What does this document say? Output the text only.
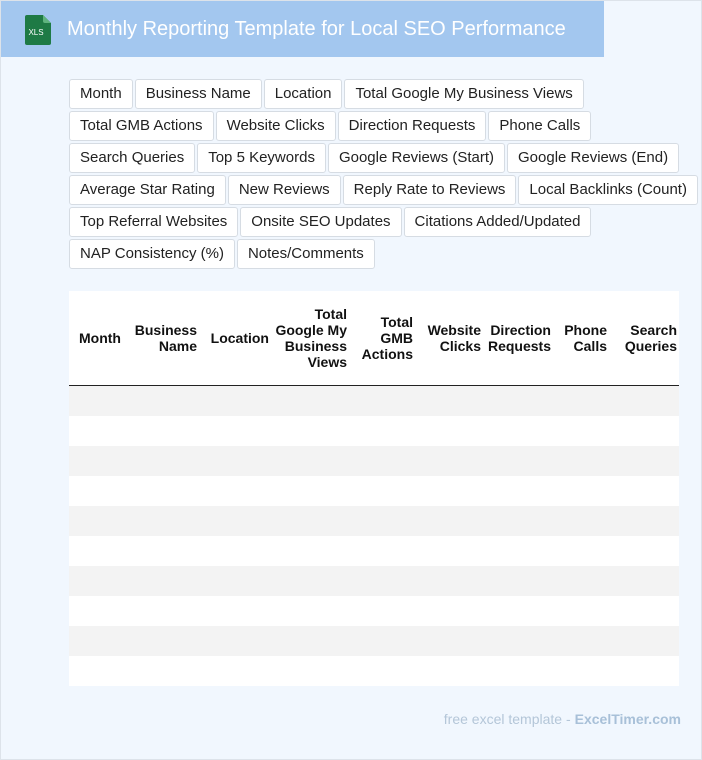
XLS Monthly Reporting Template for Local SEO Performance
Month	Business Name	Location	Total Google My Business Views
Total GMB Actions	Website Clicks	Direction Requests	Phone Calls
Search Queries	Top 5 Keywords	Google Reviews (Start)	Google Reviews (End)
Average Star Rating	New Reviews	Reply Rate to Reviews	Local Backlinks (Count)
Top Referral Websites	Onsite SEO Updates	Citations Added/Updated
NAP Consistency (%)	Notes/Comments
Month	Business Name	Location	Total Google My Business Views	Total GMB Actions	Website Clicks	Direction Requests	Phone Calls	Search Queries

free excel template - ExcelTimer.com
